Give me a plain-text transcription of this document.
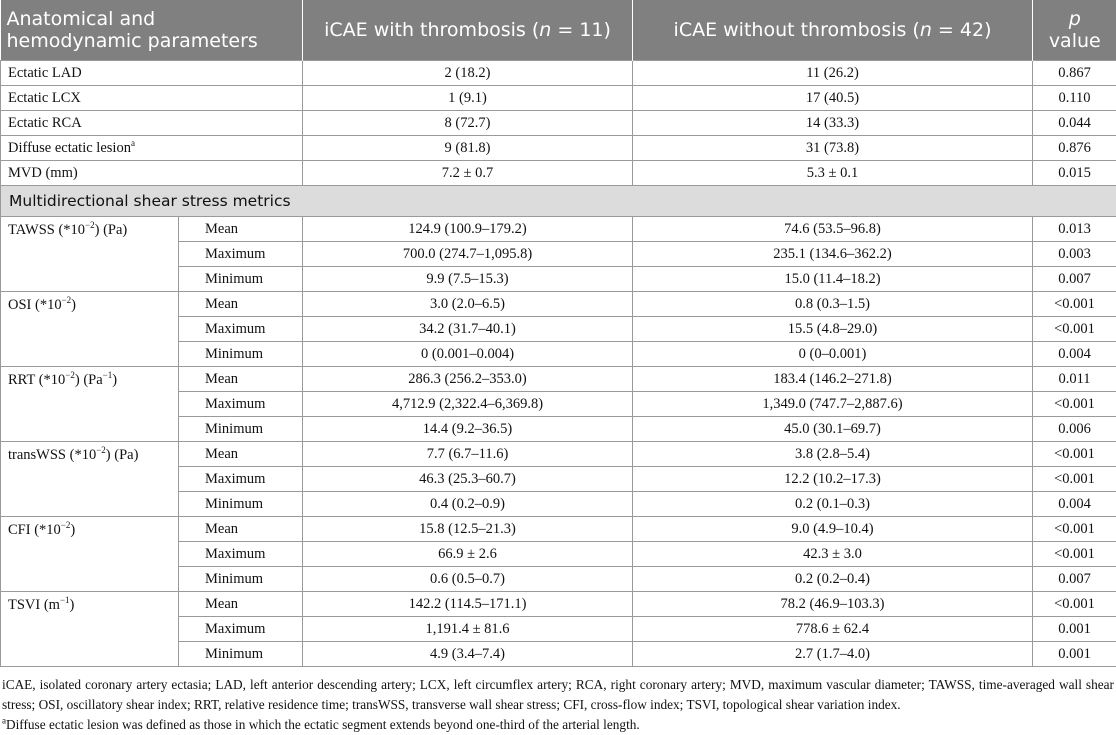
Anatomical and hemodynamic parameters		iCAE with thrombosis (n = 11)	iCAE without thrombosis (n = 42)	p value
Ectatic LAD		2 (18.2)	11 (26.2)	0.867
Ectatic LCX		1 (9.1)	17 (40.5)	0.110
Ectatic RCA		8 (72.7)	14 (33.3)	0.044
Diffuse ectatic lesion$^a$		9 (81.8)	31 (73.8)	0.876
MVD (mm)		7.2 ± 0.7	5.3 ± 0.1	0.015
Multidirectional shear stress metrics				
TAWSS $(*10^{-2})$ (Pa)	Mean	124.9 (100.9–179.2)	74.6 (53.5–96.8)	0.013
	Maximum	700.0 (274.7–1,095.8)	235.1 (134.6–362.2)	0.003
	Minimum	9.9 (7.5–15.3)	15.0 (11.4–18.2)	0.007
OSI $(*10^{-2})$	Mean	3.0 (2.0–6.5)	0.8 (0.3–1.5)	<0.001
	Maximum	34.2 (31.7–40.1)	15.5 (4.8–29.0)	<0.001
	Minimum	0 (0.001–0.004)	0 (0–0.001)	0.004
RRT $(*10^{-2})$ $(Pa^{-1})$	Mean	286.3 (256.2–353.0)	183.4 (146.2–271.8)	0.011
	Maximum	4,712.9 (2,322.4–6,369.8)	1,349.0 (747.7–2,887.6)	<0.001
	Minimum	14.4 (9.2–36.5)	45.0 (30.1–69.7)	0.006
transWSS $(*10^{-2})$ (Pa)	Mean	7.7 (6.7–11.6)	3.8 (2.8–5.4)	<0.001
	Maximum	46.3 (25.3–60.7)	12.2 (10.2–17.3)	<0.001
	Minimum	0.4 (0.2–0.9)	0.2 (0.1–0.3)	0.004
CFI $(*10^{-2})$	Mean	15.8 (12.5–21.3)	9.0 (4.9–10.4)	<0.001
	Maximum	66.9 ± 2.6	42.3 ± 3.0	<0.001
	Minimum	0.6 (0.5–0.7)	0.2 (0.2–0.4)	0.007
TSVI $(m^{-1})$	Mean	142.2 (114.5–171.1)	78.2 (46.9–103.3)	<0.001
	Maximum	1,191.4 ± 81.6	778.6 ± 62.4	0.001
	Minimum	4.9 (3.4–7.4)	2.7 (1.7–4.0)	0.001

iCAE, isolated coronary artery ectasia; LAD, left anterior descending artery; LCX, left circumflex artery; RCA, right coronary artery; MVD, maximum vascular diameter; TAWSS, time-averaged wall shear stress; OSI, oscillatory shear index; RRT, relative residence time; transWSS, transverse wall shear stress; CFI, cross-flow index; TSVI, topological shear variation index.

$^a$Diffuse ectatic lesion was defined as those in which the ectatic segment extends beyond one-third of the arterial length.
